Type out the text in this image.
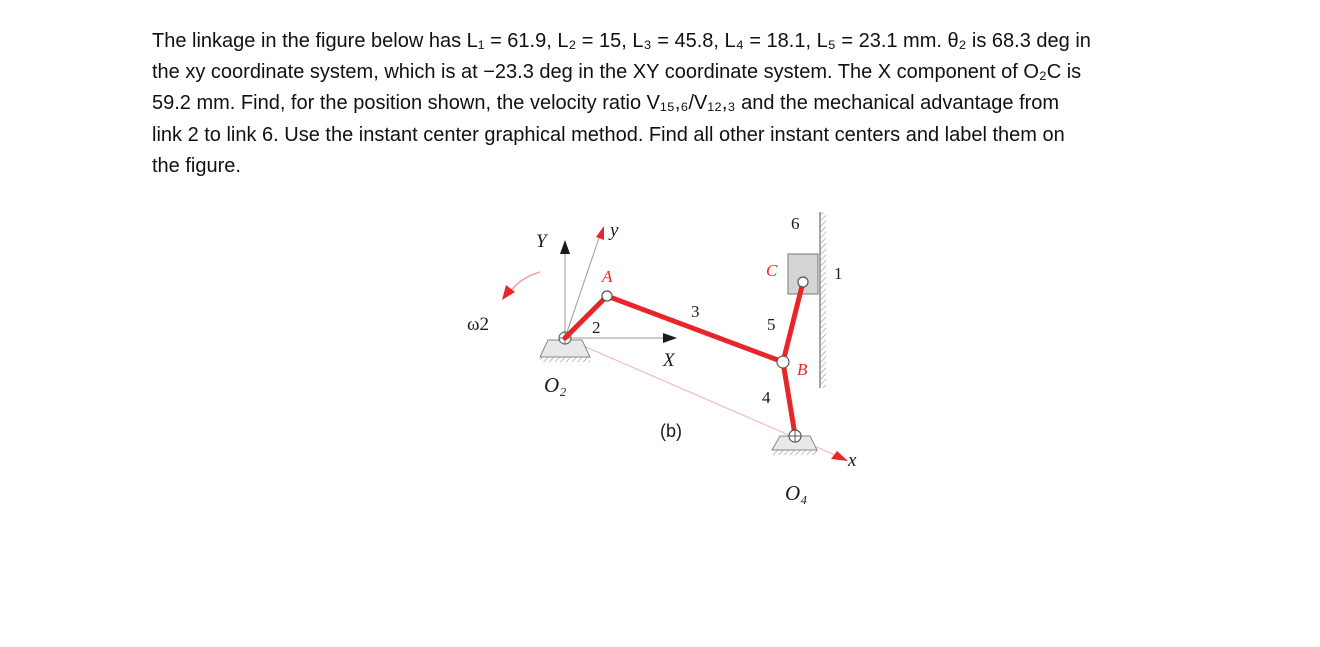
The linkage in the figure below has L₁ = 61.9, L₂ = 15, L₃ = 45.8, L₄ = 18.1, L₅ = 23.1 mm. θ₂ is 68.3 deg in

the xy coordinate system, which is at −23.3 deg in the XY coordinate system. The X component of O₂C is

59.2 mm. Find, for the position shown, the velocity ratio V₁₅,₆/V₁₂,₃ and the mechanical advantage from

link 2 to link 6. Use the instant center graphical method. Find all other instant centers and label them on

the figure.

ω2
Y
X
y
x
O₂
O₄
A
B
C	1
2
3
4
5
6
(b)
